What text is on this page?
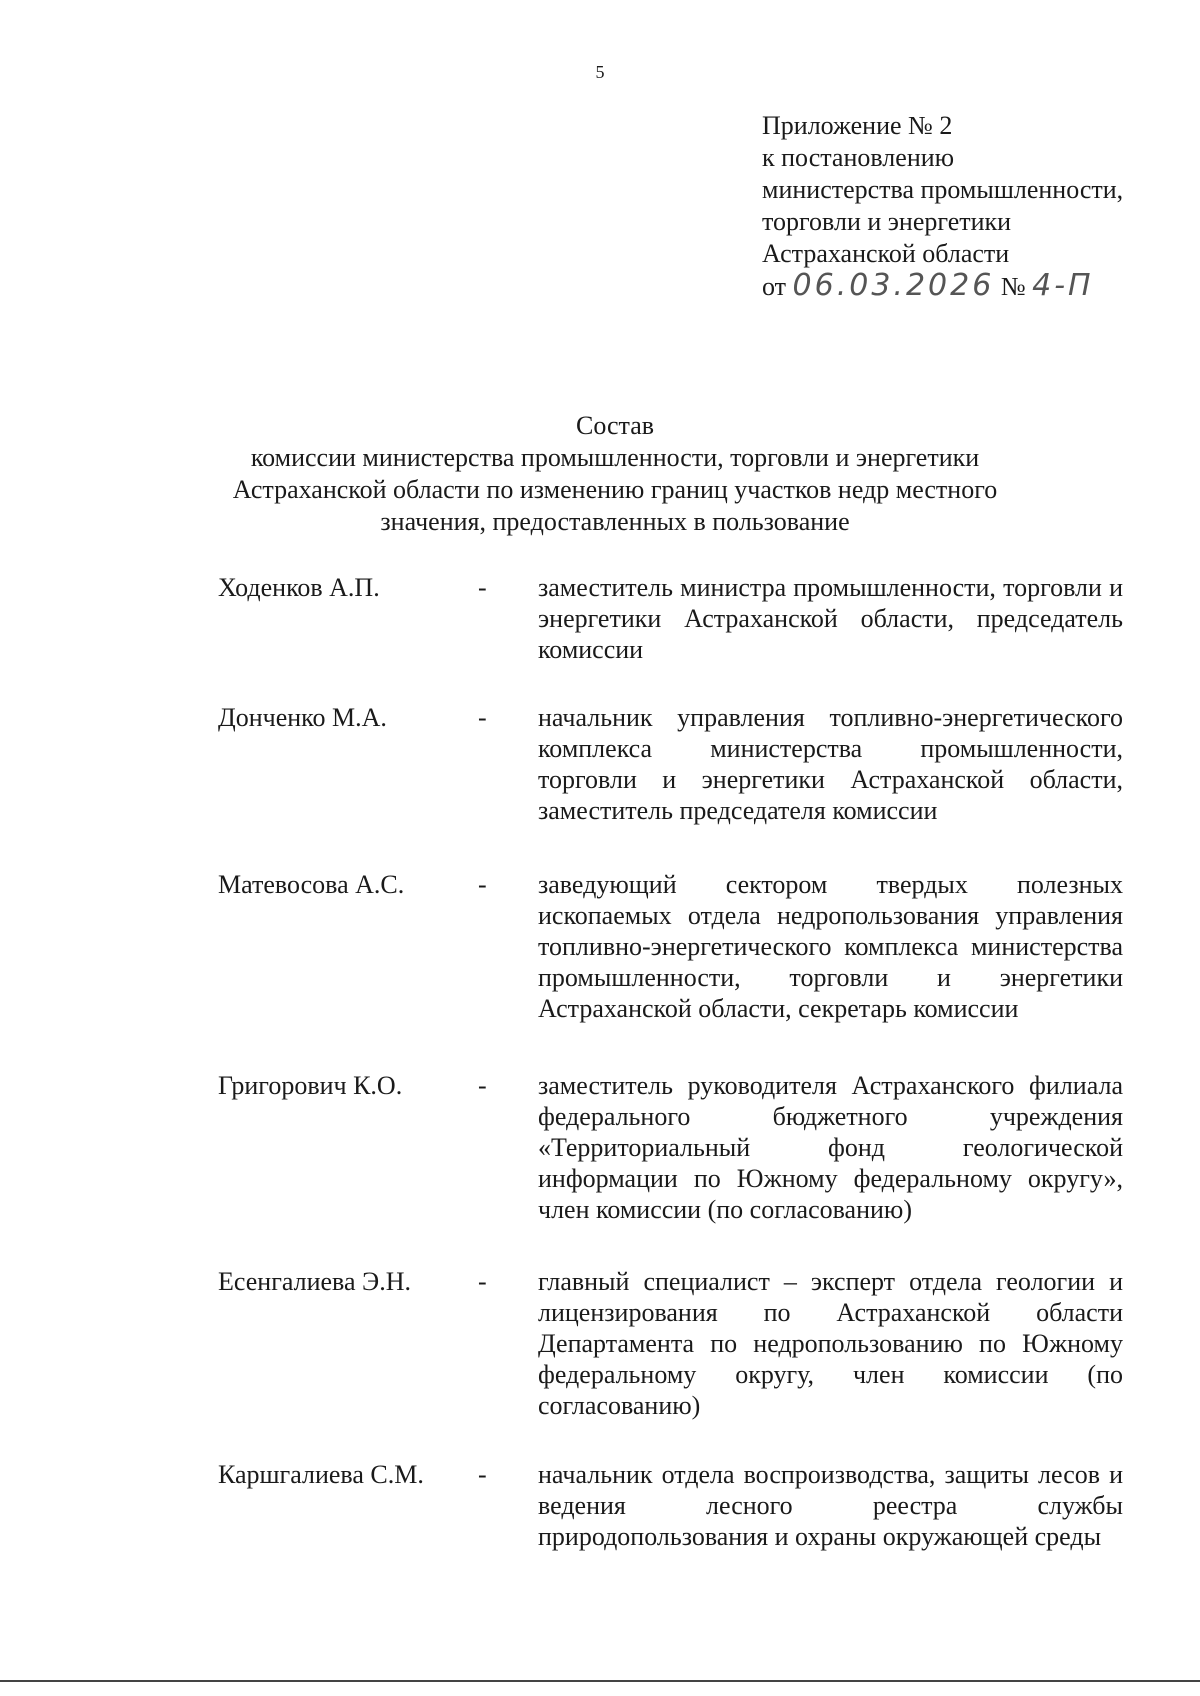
5
Приложение № 2
к постановлению
министерства промышленности,
торговли и энергетики
Астраханской области
от 06.03.2026 № 4-П
Состав
комиссии министерства промышленности, торговли и энергетики
Астраханской области по изменению границ участков недр местного
значения, предоставленных в пользование
Ходенков А.П.	-	заместитель министра промышленности, торговли и энергетики Астраханской области, председатель комиссии
Донченко М.А.	-	начальник управления топливно-энергетического комплекса министерства промышленности, торговли и энергетики Астраханской области, заместитель председателя комиссии
Матевосова А.С.	-	заведующий сектором твердых полезных ископаемых отдела недропользования управления топливно-энергетического комплекса министерства промышленности, торговли и энергетики Астраханской области, секретарь комиссии
Григорович К.О.	-	заместитель руководителя Астраханского филиала федерального бюджетного учреждения «Территориальный фонд геологической информации по Южному федеральному округу», член комиссии (по согласованию)
Есенгалиева Э.Н.	-	главный специалист – эксперт отдела геологии и лицензирования по Астраханской области Департамента по недропользованию по Южному федеральному округу, член комиссии (по согласованию)
Каршгалиева С.М.	-	начальник отдела воспроизводства, защиты лесов и ведения лесного реестра службы природопользования и охраны окружающей среды
